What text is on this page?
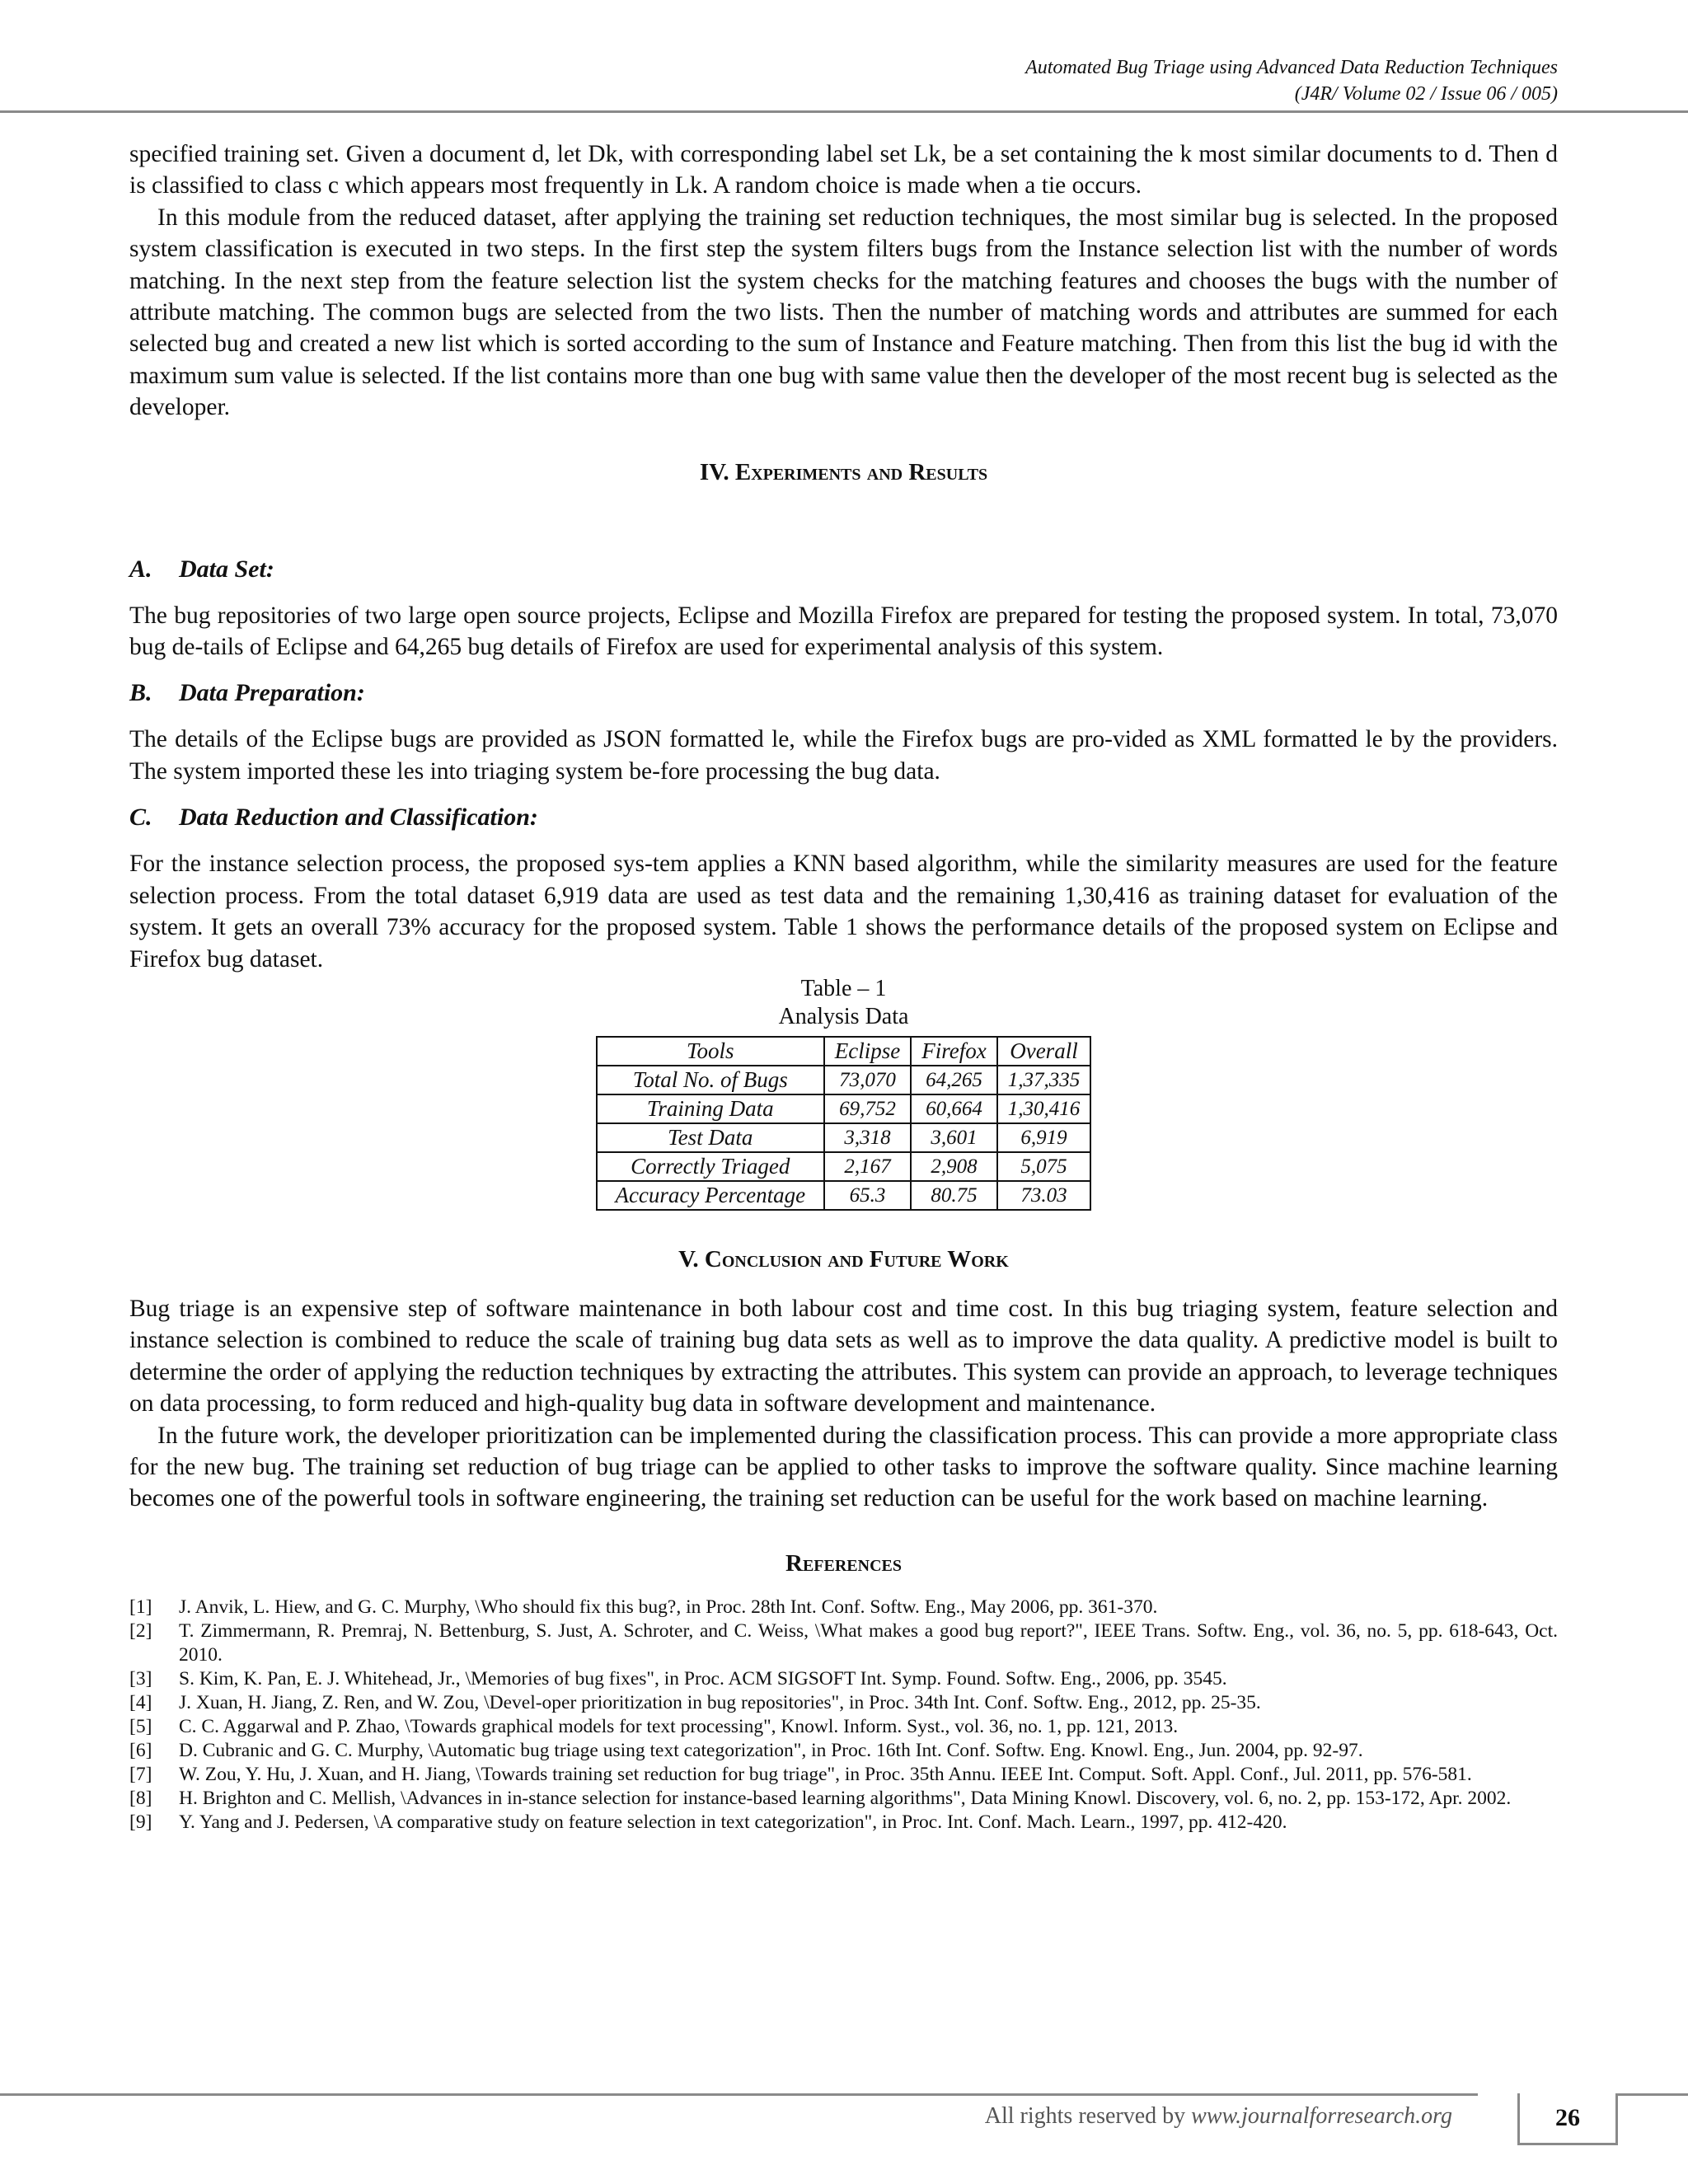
Automated Bug Triage using Advanced Data Reduction Techniques
(J4R/ Volume 02 / Issue 06 / 005)

specified training set. Given a document d, let Dk, with corresponding label set Lk, be a set containing the k most similar documents to d. Then d is classified to class c which appears most frequently in Lk. A random choice is made when a tie occurs.

In this module from the reduced dataset, after applying the training set reduction techniques, the most similar bug is selected. In the proposed system classification is executed in two steps. In the first step the system filters bugs from the Instance selection list with the number of words matching. In the next step from the feature selection list the system checks for the matching features and chooses the bugs with the number of attribute matching. The common bugs are selected from the two lists. Then the number of matching words and attributes are summed for each selected bug and created a new list which is sorted according to the sum of Instance and Feature matching. Then from this list the bug id with the maximum sum value is selected. If the list contains more than one bug with same value then the developer of the most recent bug is selected as the developer.

IV. Experiments and Results
A. Data Set:

The bug repositories of two large open source projects, Eclipse and Mozilla Firefox are prepared for testing the proposed system. In total, 73,070 bug de-tails of Eclipse and 64,265 bug details of Firefox are used for experimental analysis of this system.

B. Data Preparation:

The details of the Eclipse bugs are provided as JSON formatted le, while the Firefox bugs are pro-vided as XML formatted le by the providers. The system imported these les into triaging system be-fore processing the bug data.

C. Data Reduction and Classification:

For the instance selection process, the proposed sys-tem applies a KNN based algorithm, while the similarity measures are used for the feature selection process. From the total dataset 6,919 data are used as test data and the remaining 1,30,416 as training dataset for evaluation of the system. It gets an overall 73% accuracy for the proposed system. Table 1 shows the performance details of the proposed system on Eclipse and Firefox bug dataset.

Table – 1
Analysis Data
Tools	Eclipse	Firefox	Overall
Total No. of Bugs	73,070	64,265	1,37,335
Training Data	69,752	60,664	1,30,416
Test Data	3,318	3,601	6,919
Correctly Triaged	2,167	2,908	5,075
Accuracy Percentage	65.3	80.75	73.03
V. Conclusion and Future Work

Bug triage is an expensive step of software maintenance in both labour cost and time cost. In this bug triaging system, feature selection and instance selection is combined to reduce the scale of training bug data sets as well as to improve the data quality. A predictive model is built to determine the order of applying the reduction techniques by extracting the attributes. This system can provide an approach, to leverage techniques on data processing, to form reduced and high-quality bug data in software development and maintenance.

In the future work, the developer prioritization can be implemented during the classification process. This can provide a more appropriate class for the new bug. The training set reduction of bug triage can be applied to other tasks to improve the software quality. Since machine learning becomes one of the powerful tools in software engineering, the training set reduction can be useful for the work based on machine learning.

References
[1]	J. Anvik, L. Hiew, and G. C. Murphy, \Who should fix this bug?, in Proc. 28th Int. Conf. Softw. Eng., May 2006, pp. 361-370.
[2]	T. Zimmermann, R. Premraj, N. Bettenburg, S. Just, A. Schroter, and C. Weiss, \What makes a good bug report?", IEEE Trans. Softw. Eng., vol. 36, no. 5, pp. 618-643, Oct. 2010.
[3]	S. Kim, K. Pan, E. J. Whitehead, Jr., \Memories of bug fixes", in Proc. ACM SIGSOFT Int. Symp. Found. Softw. Eng., 2006, pp. 3545.
[4]	J. Xuan, H. Jiang, Z. Ren, and W. Zou, \Devel-oper prioritization in bug repositories", in Proc. 34th Int. Conf. Softw. Eng., 2012, pp. 25-35.
[5]	C. C. Aggarwal and P. Zhao, \Towards graphical models for text processing", Knowl. Inform. Syst., vol. 36, no. 1, pp. 121, 2013.
[6]	D. Cubranic and G. C. Murphy, \Automatic bug triage using text categorization", in Proc. 16th Int. Conf. Softw. Eng. Knowl. Eng., Jun. 2004, pp. 92-97.
[7]	W. Zou, Y. Hu, J. Xuan, and H. Jiang, \Towards training set reduction for bug triage", in Proc. 35th Annu. IEEE Int. Comput. Soft. Appl. Conf., Jul. 2011, pp. 576-581.
[8]	H. Brighton and C. Mellish, \Advances in in-stance selection for instance-based learning algorithms", Data Mining Knowl. Discovery, vol. 6, no. 2, pp. 153-172, Apr. 2002.
[9]	Y. Yang and J. Pedersen, \A comparative study on feature selection in text categorization", in Proc. Int. Conf. Mach. Learn., 1997, pp. 412-420.
All rights reserved by www.journalforresearch.org	26
